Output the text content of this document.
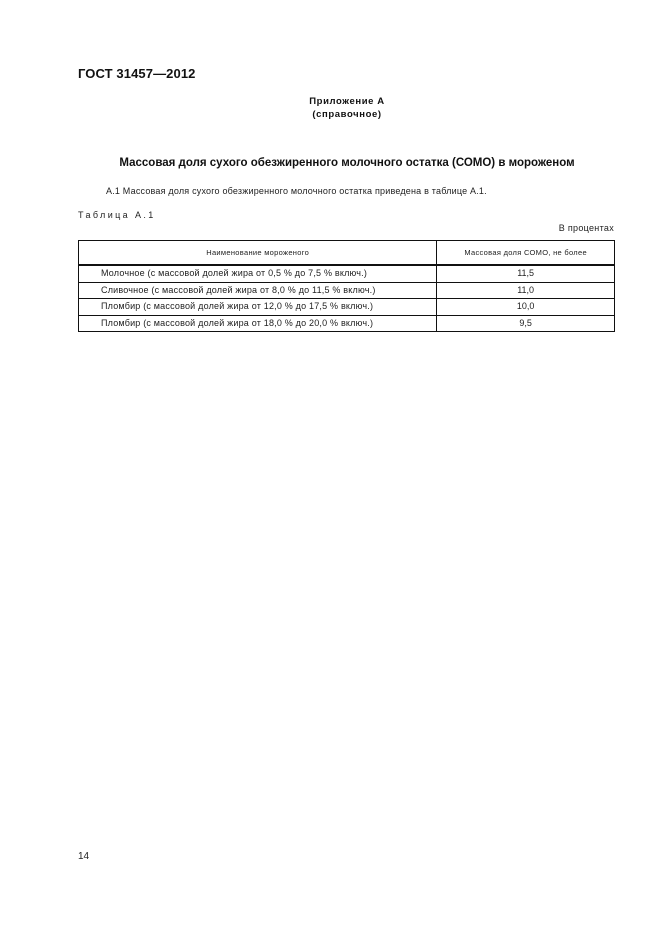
ГОСТ 31457—2012
Приложение А
(справочное)
Массовая доля сухого обезжиренного молочного остатка (СОМО) в мороженом
А.1 Массовая доля сухого обезжиренного молочного остатка приведена в таблице А.1.
Таблица А.1
В процентах
Наименование мороженого	Массовая доля СОМО, не более
Молочное (с массовой долей жира от 0,5 % до 7,5 % включ.)	11,5
Сливочное (с массовой долей жира от 8,0 % до 11,5 % включ.)	11,0
Пломбир (с массовой долей жира от 12,0 % до 17,5 % включ.)	10,0
Пломбир (с массовой долей жира от 18,0 % до 20,0 % включ.)	9,5
14
